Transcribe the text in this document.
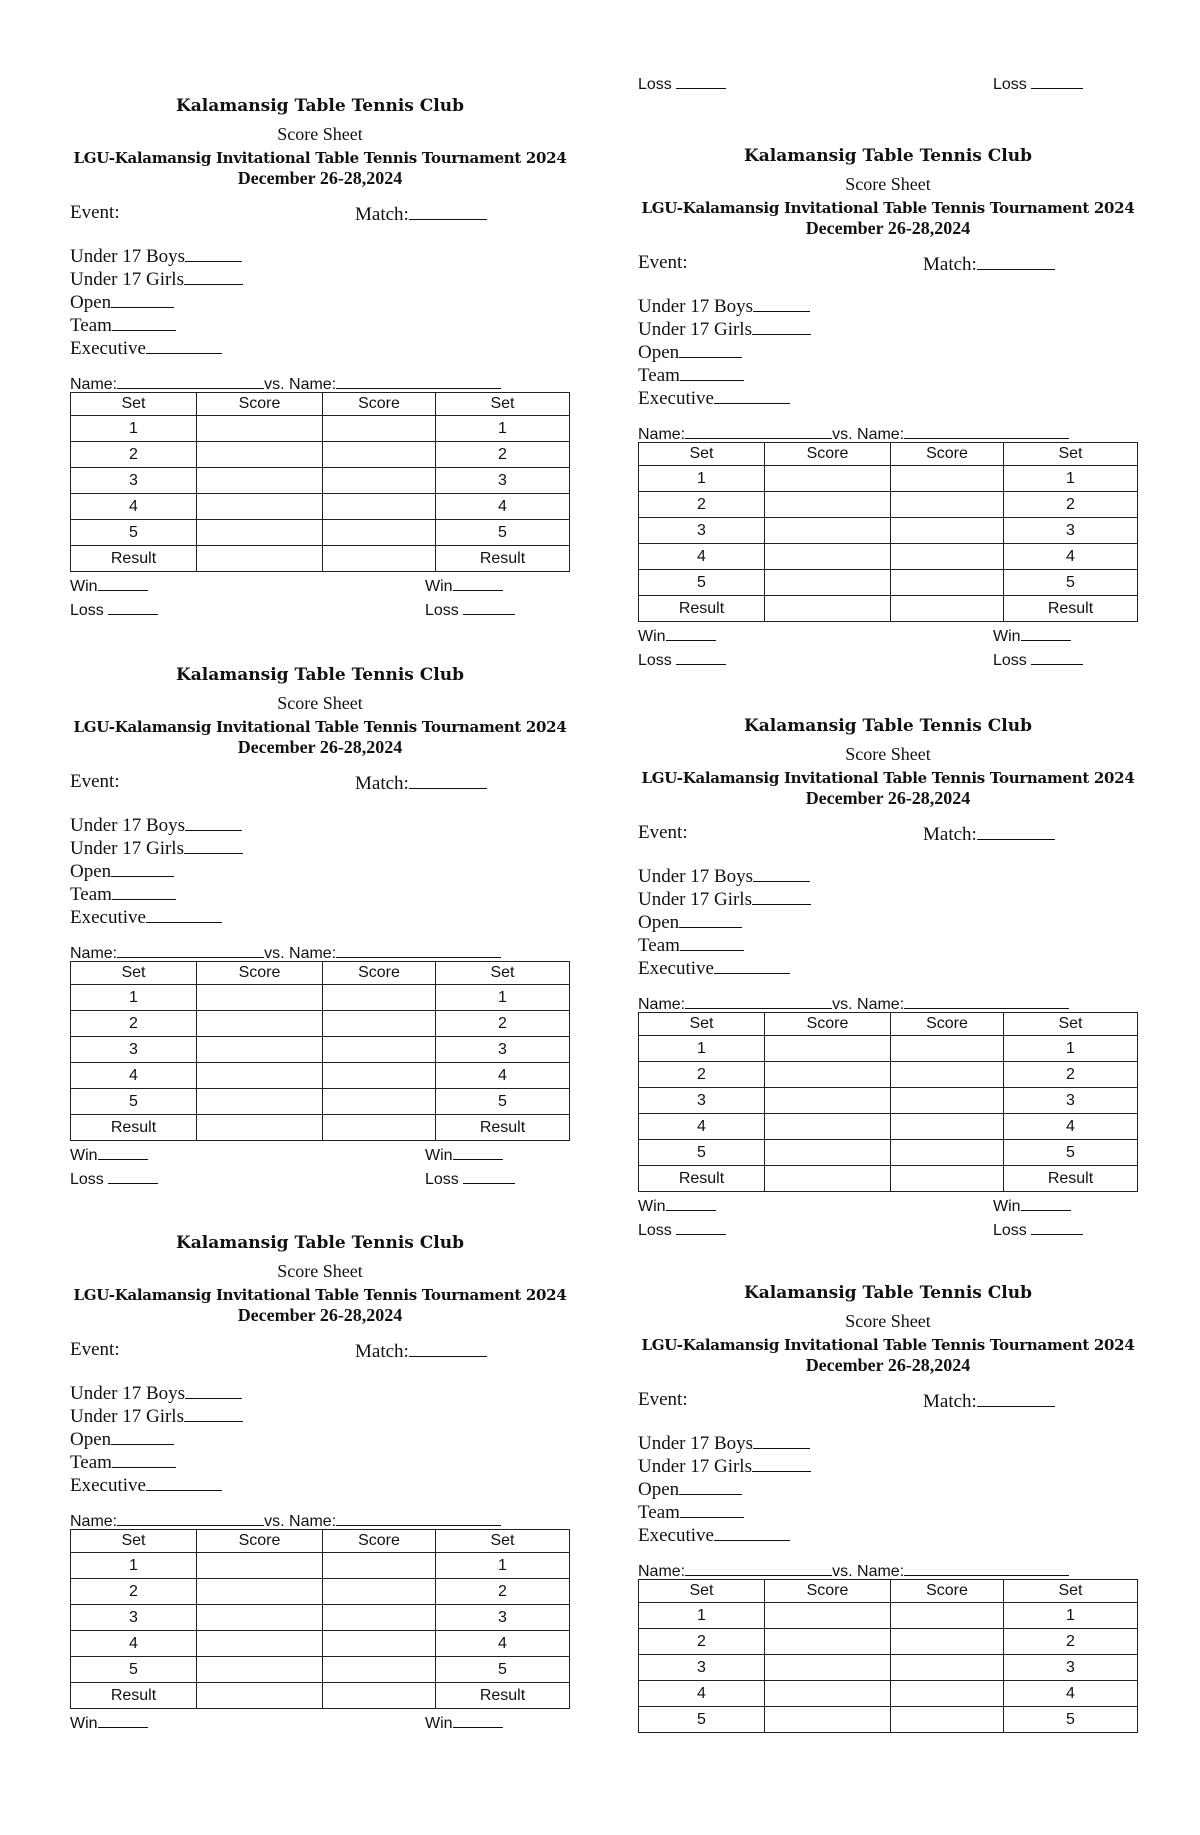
Loss	Loss
Kalamansig Table Tennis Club
Score Sheet
LGU-Kalamansig Invitational Table Tennis Tournament 2024
December 26-28,2024
Event:	Match:
Under 17 Boys
Under 17 Girls
Open
Team
Executive
Name:	vs. Name:
Set	Score	Score	Set
1			1
2			2
3			3
4			4
5			5
Result			Result
Win	Win
Loss	Loss
Kalamansig Table Tennis Club
Score Sheet
LGU-Kalamansig Invitational Table Tennis Tournament 2024
December 26-28,2024
Event:	Match:
Under 17 Boys
Under 17 Girls
Open
Team
Executive
Name:	vs. Name:
Set	Score	Score	Set
1			1
2			2
3			3
4			4
5			5
Result			Result
Win	Win
Loss	Loss
Kalamansig Table Tennis Club
Score Sheet
LGU-Kalamansig Invitational Table Tennis Tournament 2024
December 26-28,2024
Event:	Match:
Under 17 Boys
Under 17 Girls
Open
Team
Executive
Name:	vs. Name:
Set	Score	Score	Set
1			1
2			2
3			3
4			4
5			5
Result			Result
Win	Win
Kalamansig Table Tennis Club
Score Sheet
LGU-Kalamansig Invitational Table Tennis Tournament 2024
December 26-28,2024
Event:	Match:
Under 17 Boys
Under 17 Girls
Open
Team
Executive
Name:	vs. Name:
Set	Score	Score	Set
1			1
2			2
3			3
4			4
5			5
Result			Result
Win	Win
Loss	Loss
Kalamansig Table Tennis Club
Score Sheet
LGU-Kalamansig Invitational Table Tennis Tournament 2024
December 26-28,2024
Event:	Match:
Under 17 Boys
Under 17 Girls
Open
Team
Executive
Name:	vs. Name:
Set	Score	Score	Set
1			1
2			2
3			3
4			4
5			5
Result			Result
Win	Win
Loss	Loss
Kalamansig Table Tennis Club
Score Sheet
LGU-Kalamansig Invitational Table Tennis Tournament 2024
December 26-28,2024
Event:	Match:
Under 17 Boys
Under 17 Girls
Open
Team
Executive
Name:	vs. Name:
Set	Score	Score	Set
1			1
2			2
3			3
4			4
5			5
